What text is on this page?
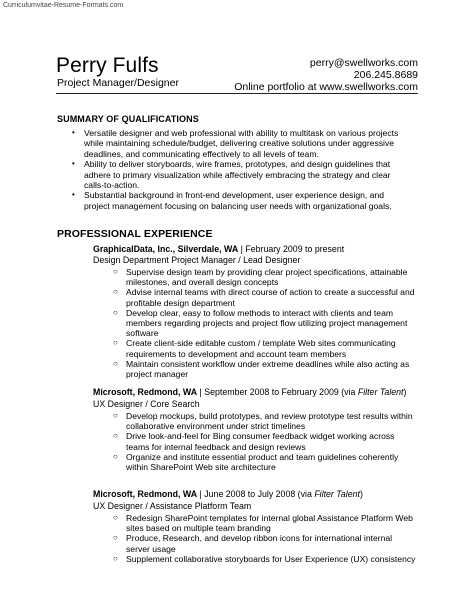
Curriculumvitae-Resume-Formats.com
Perry Fulfs
Project Manager/Designer
perry@swellworks.com
206.245.8689
Online portfolio at www.swellworks.com
SUMMARY OF QUALIFICATIONS
• Versatile designer and web professional with ability to multitask on various projects while maintaining schedule/budget, delivering creative solutions under aggressive deadlines, and communicating effectively to all levels of team.
• Ability to deliver storyboards, wire frames, prototypes, and design guidelines that adhere to primary visualization while affectively embracing the strategy and clear calls-to-action.
• Substantial background in front-end development, user experience design, and project management focusing on balancing user needs with organizational goals.
PROFESSIONAL EXPERIENCE
GraphicalData, Inc., Silverdale, WA | February 2009 to present
Design Department Project Manager / Lead Designer
○ Supervise design team by providing clear project specifications, attainable milestones, and overall design concepts
○ Advise internal teams with direct course of action to create a successful and profitable design department
○ Develop clear, easy to follow methods to interact with clients and team members regarding projects and project flow utilizing project management software
○ Create client-side editable custom / template Web sites communicating requirements to development and account team members
○ Maintain consistent workflow under extreme deadlines while also acting as project manager
Microsoft, Redmond, WA | September 2008 to February 2009 (via Filter Talent)
UX Designer / Core Search
○ Develop mockups, build prototypes, and review prototype test results within collaborative environment under strict timelines
○ Drive look-and-feel for Bing consumer feedback widget working across teams for internal feedback and design reviews
○ Organize and institute essential product and team guidelines coherently within SharePoint Web site architecture
Microsoft, Redmond, WA | June 2008 to July 2008 (via Filter Talent)
UX Designer / Assistance Platform Team
○ Redesign SharePoint templates for internal global Assistance Platform Web sites based on multiple team branding
○ Produce, Research, and develop ribbon icons for international internal server usage
○ Supplement collaborative storyboards for User Experience (UX) consistency
